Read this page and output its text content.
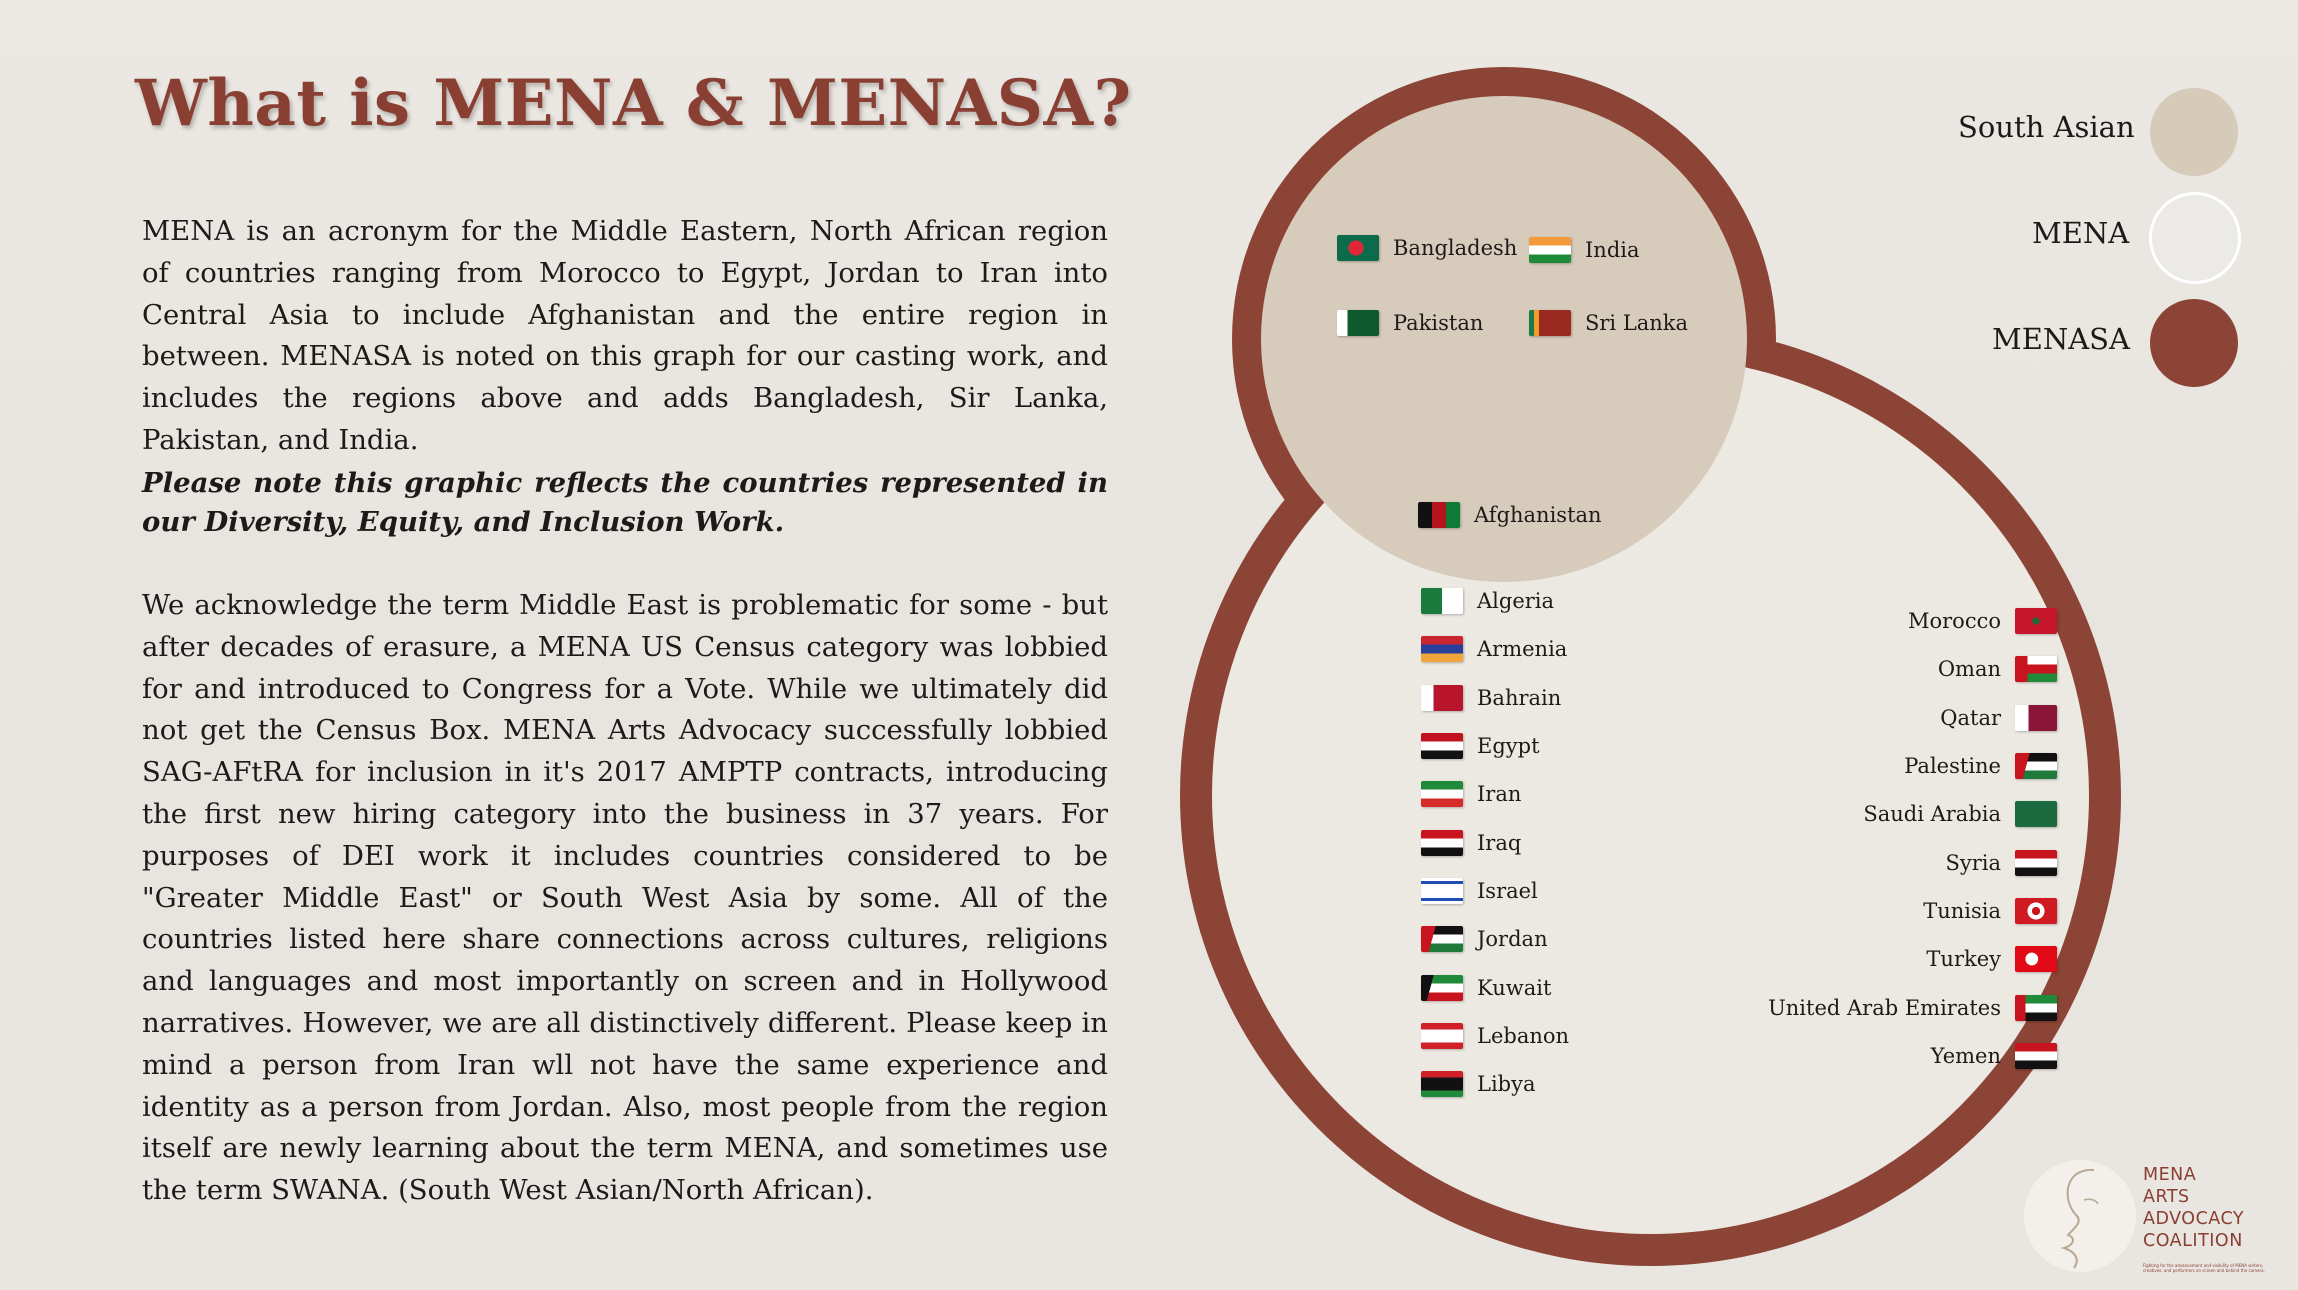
What is MENA & MENASA?

MENA is an acronym for the Middle Eastern, North African region of countries ranging from Morocco to Egypt, Jordan to Iran into Central Asia to include Afghanistan and the entire region in between. MENASA is noted on this graph for our casting work, and includes the regions above and adds Bangladesh, Sir Lanka, Pakistan, and India.

Please note this graphic reflects the countries represented in our Diversity, Equity, and Inclusion Work.

We acknowledge the term Middle East is problematic for some - but after decades of erasure, a MENA US Census category was lobbied for and introduced to Congress for a Vote. While we ultimately did not get the Census Box. MENA Arts Advocacy successfully lobbied SAG-AFtRA for inclusion in it's 2017 AMPTP contracts, introducing the first new hiring category into the business in 37 years. For purposes of DEI work it includes countries considered to be "Greater Middle East" or South West Asia by some. All of the countries listed here share connections across cultures, religions and languages and most importantly on screen and in Hollywood narratives. However, we are all distinctively different. Please keep in mind a person from Iran wll not have the same experience and identity as a person from Jordan. Also, most people from the region itself are newly learning about the term MENA, and sometimes use the term SWANA. (South West Asian/North African).

Bangladesh	India
Pakistan	Sri Lanka
Afghanistan
Algeria
Armenia
Bahrain
Egypt
Iran
Iraq
Israel
Jordan
Kuwait
Lebanon
Libya
Morocco
Oman
Qatar
Palestine
Saudi Arabia
Syria
Tunisia
Turkey
United Arab Emirates
Yemen
South Asian
MENA
MENASA
MENA
ARTS
ADVOCACY
COALITION
Fighting for the advancement and visibility of MENA writers, creatives, and performers on screen and behind the camera.
